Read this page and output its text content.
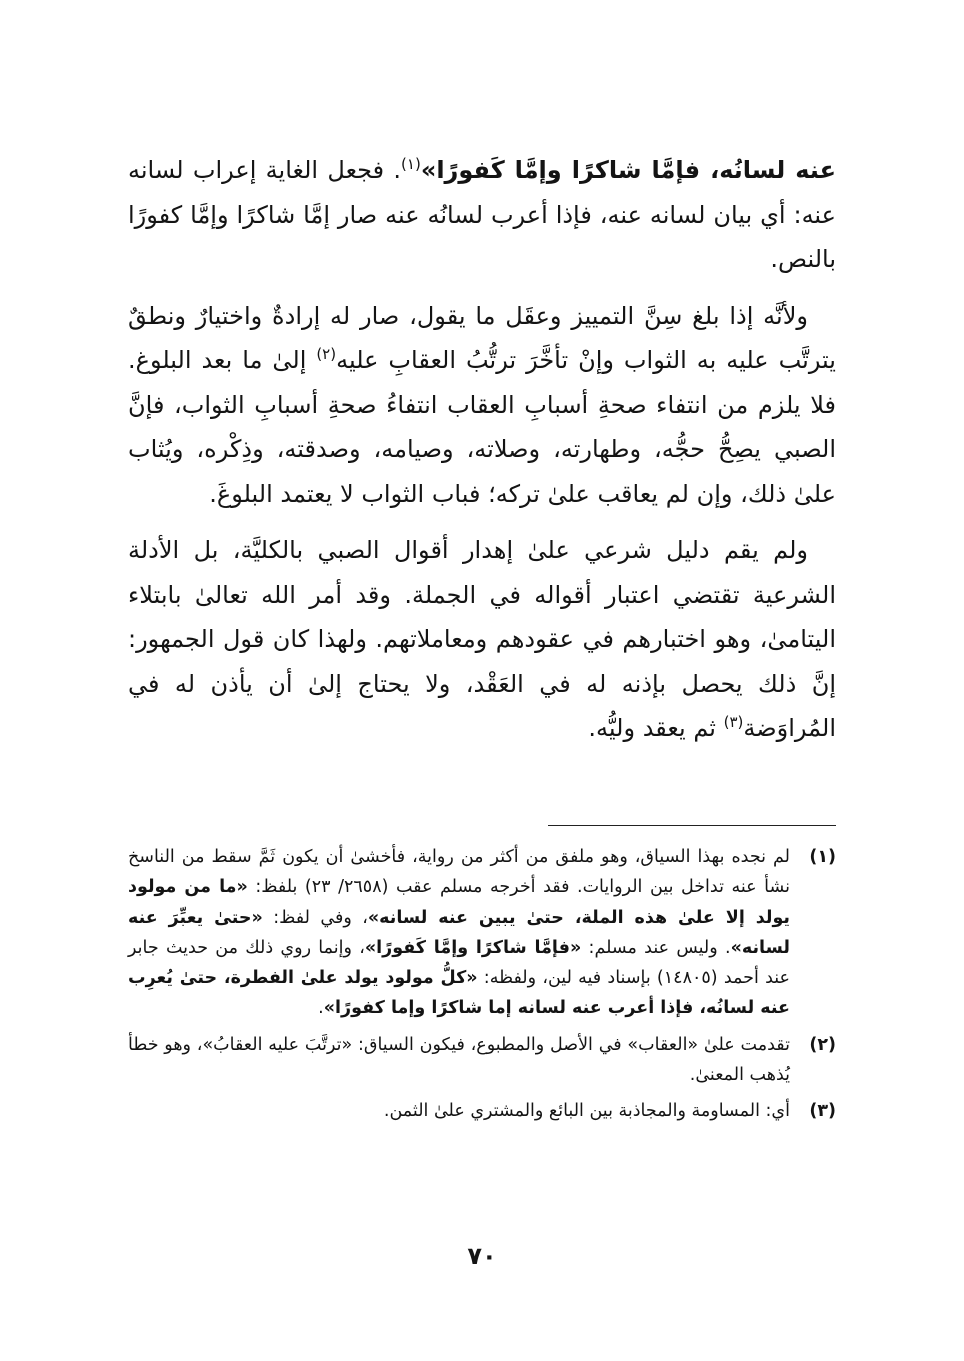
عنه لسانُه، فإمَّا شاكرًا وإمَّا كَفورًا»$^{(١)}$. فجعل الغاية إعراب لسانه عنه: أي بيان لسانه عنه، فإذا أعرب لسانُه عنه صار إمَّا شاكرًا وإمَّا كفورًا بالنص.

ولأنَّه إذا بلغ سِنَّ التمييز وعقَل ما يقول، صار له إرادةٌ واختيارٌ ونطقٌ يترتَّب عليه به الثواب وإنْ تأخَّرَ ترتُّبُ العقابِ عليه$^{(٢)}$ إلىٰ ما بعد البلوغ. فلا يلزم من انتفاء صحةِ أسبابِ العقاب انتفاءُ صحةِ أسبابِ الثواب، فإنَّ الصبي يصِحُّ حجُّه، وطهارته، وصلاته، وصيامه، وصدقته، وذِكْره، ويُثاب علىٰ ذلك، وإن لم يعاقب علىٰ تركه؛ فباب الثواب لا يعتمد البلوغَ.

ولم يقم دليل شرعي علىٰ إهدار أقوال الصبي بالكليَّة، بل الأدلة الشرعية تقتضي اعتبار أقواله في الجملة. وقد أمر الله تعالىٰ بابتلاء اليتامىٰ، وهو اختبارهم في عقودهم ومعاملاتهم. ولهذا كان قول الجمهور: إنَّ ذلك يحصل بإذنه له في العَقْد، ولا يحتاج إلىٰ أن يأذن له في المُراوَضة$^{(٣)}$ ثم يعقد وليُّه.

(١)
لم نجده بهذا السياق، وهو ملفق من أكثر من رواية، فأخشىٰ أن يكون ثَمَّ سقط من الناسخ نشأ عنه تداخل بين الروايات. فقد أخرجه مسلم عقب (٢٦٥٨/ ٢٣) بلفظ: «ما من مولود يولد إلا علىٰ هذه الملة، حتىٰ يبين عنه لسانه»، وفي لفظ: «حتىٰ يعبِّرَ عنه لسانه». وليس عند مسلم: «فإمَّا شاكرًا وإمَّا كَفورًا»، وإنما روي ذلك من حديث جابر عند أحمد (١٤٨٠٥) بإسناد فيه لين، ولفظه: «كلُّ مولود يولد علىٰ الفطرة، حتىٰ يُعرِب عنه لسانُه، فإذا أعرب عنه لسانه إما شاكرًا وإما كفورًا».
(٢)
تقدمت علىٰ «العقاب» في الأصل والمطبوع، فيكون السياق: «ترتَّبَ عليه العقابُ»، وهو خطأ يُذهب المعنىٰ.
(٣)
أي: المساومة والمجاذبة بين البائع والمشتري علىٰ الثمن.
٧٠
